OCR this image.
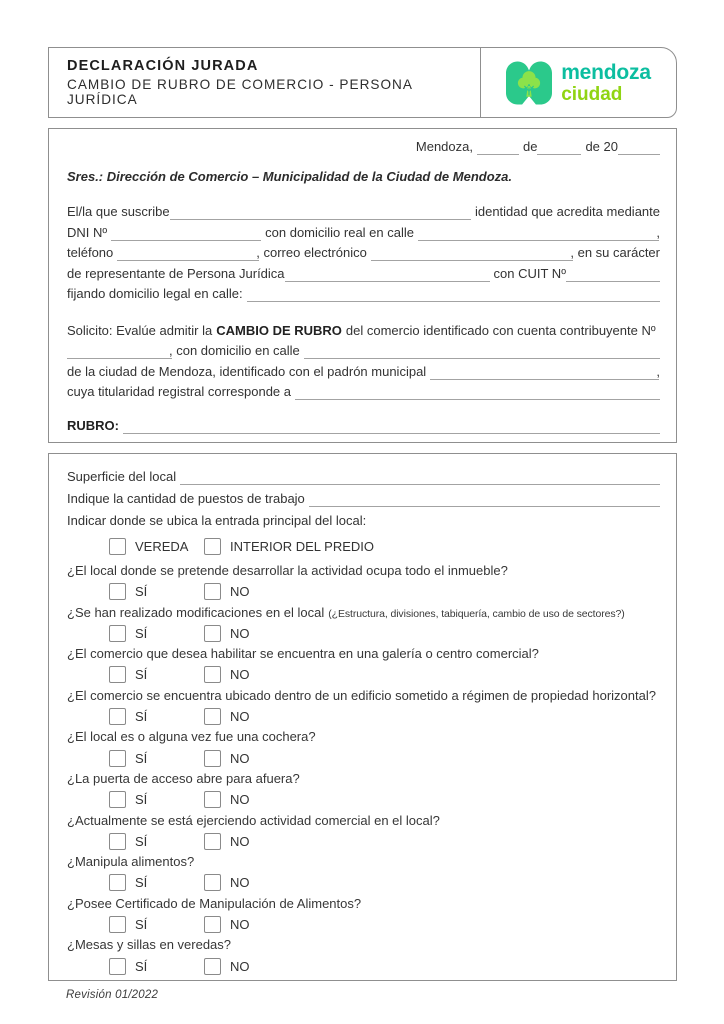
DECLARACIÓN JURADA
CAMBIO DE RUBRO DE COMERCIO - PERSONA JURÍDICA
mendoza
ciudad
Mendoza,	de	de 20
Sres.: Dirección de Comercio – Municipalidad de la Ciudad de Mendoza.
El/la que suscribe	identidad que acredita mediante
DNI Nº	con domicilio real en calle	,
teléfono	, correo electrónico	, en su carácter
de representante de Persona Jurídica	con CUIT Nº
fijando domicilio legal en calle:
Solicito: Evalúe admitir la CAMBIO DE RUBRO del comercio identificado con cuenta contribuyente Nº
, con domicilio en calle
de la ciudad de Mendoza, identificado con el padrón municipal	,
cuya titularidad registral corresponde a
RUBRO:
Superficie del local
Indique la cantidad de puestos de trabajo
Indicar donde se ubica la entrada principal del local:
VEREDA	INTERIOR DEL PREDIO
¿El local donde se pretende desarrollar la actividad ocupa todo el inmueble?
SÍ	NO
¿Se han realizado modificaciones en el local (¿Estructura, divisiones, tabiquería, cambio de uso de sectores?)
SÍ	NO
¿El comercio que desea habilitar se encuentra en una galería o centro comercial?
SÍ	NO
¿El comercio se encuentra ubicado dentro de un edificio sometido a régimen de propiedad horizontal?
SÍ	NO
¿El local es o alguna vez fue una cochera?
SÍ	NO
¿La puerta de acceso abre para afuera?
SÍ	NO
¿Actualmente se está ejerciendo actividad comercial en el local?
SÍ	NO
¿Manipula alimentos?
SÍ	NO
¿Posee Certificado de Manipulación de Alimentos?
SÍ	NO
¿Mesas y sillas en veredas?
SÍ	NO
Revisión 01/2022
